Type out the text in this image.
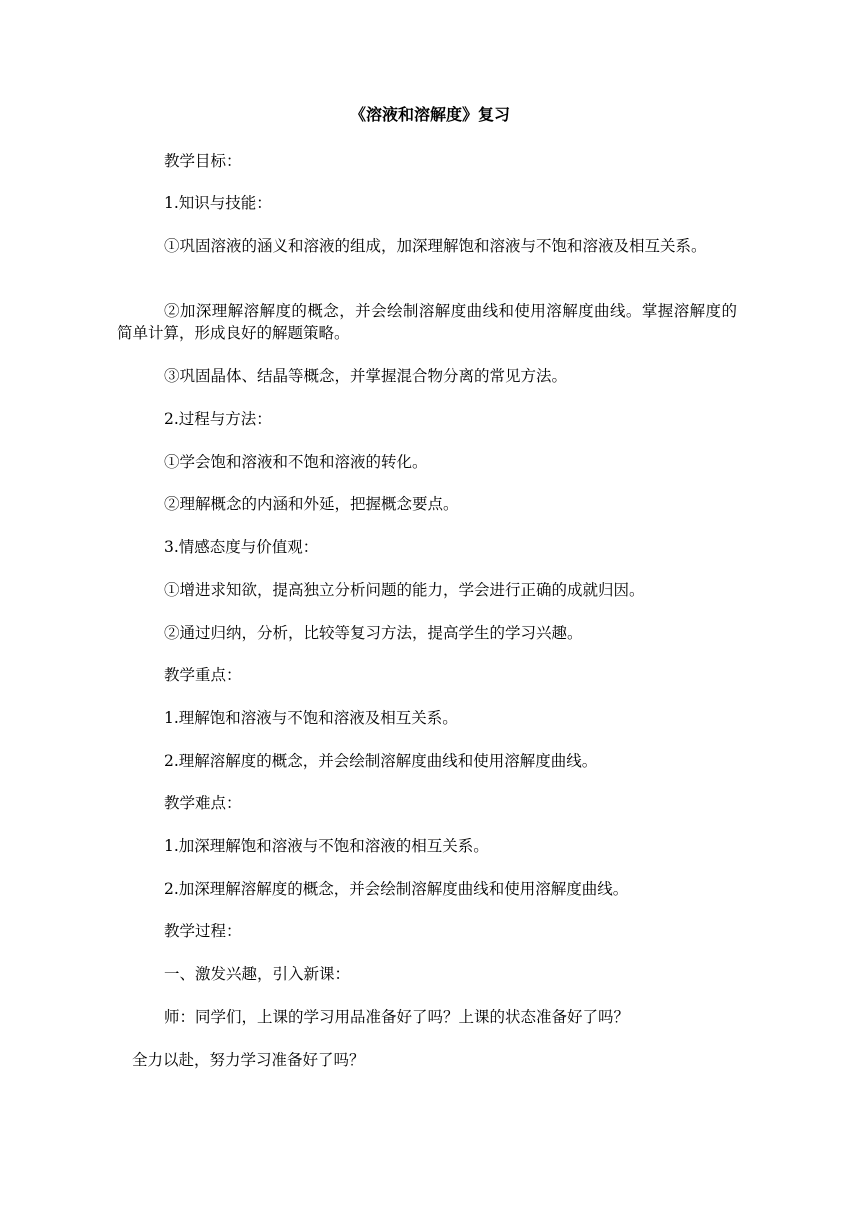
《溶液和溶解度》复习
教学目标：
1.知识与技能：
①巩固溶液的涵义和溶液的组成，加深理解饱和溶液与不饱和溶液及相互关系。
②加深理解溶解度的概念，并会绘制溶解度曲线和使用溶解度曲线。掌握溶解度的简单计算，形成良好的解题策略。
③巩固晶体、结晶等概念，并掌握混合物分离的常见方法。
2.过程与方法：
①学会饱和溶液和不饱和溶液的转化。
②理解概念的内涵和外延，把握概念要点。
3.情感态度与价值观：
①增进求知欲，提高独立分析问题的能力，学会进行正确的成就归因。
②通过归纳，分析，比较等复习方法，提高学生的学习兴趣。
教学重点：
1.理解饱和溶液与不饱和溶液及相互关系。
2.理解溶解度的概念，并会绘制溶解度曲线和使用溶解度曲线。
教学难点：
1.加深理解饱和溶液与不饱和溶液的相互关系。
2.加深理解溶解度的概念，并会绘制溶解度曲线和使用溶解度曲线。
教学过程：
一、激发兴趣，引入新课：
师：同学们，上课的学习用品准备好了吗？上课的状态准备好了吗？
全力以赴，努力学习准备好了吗？
